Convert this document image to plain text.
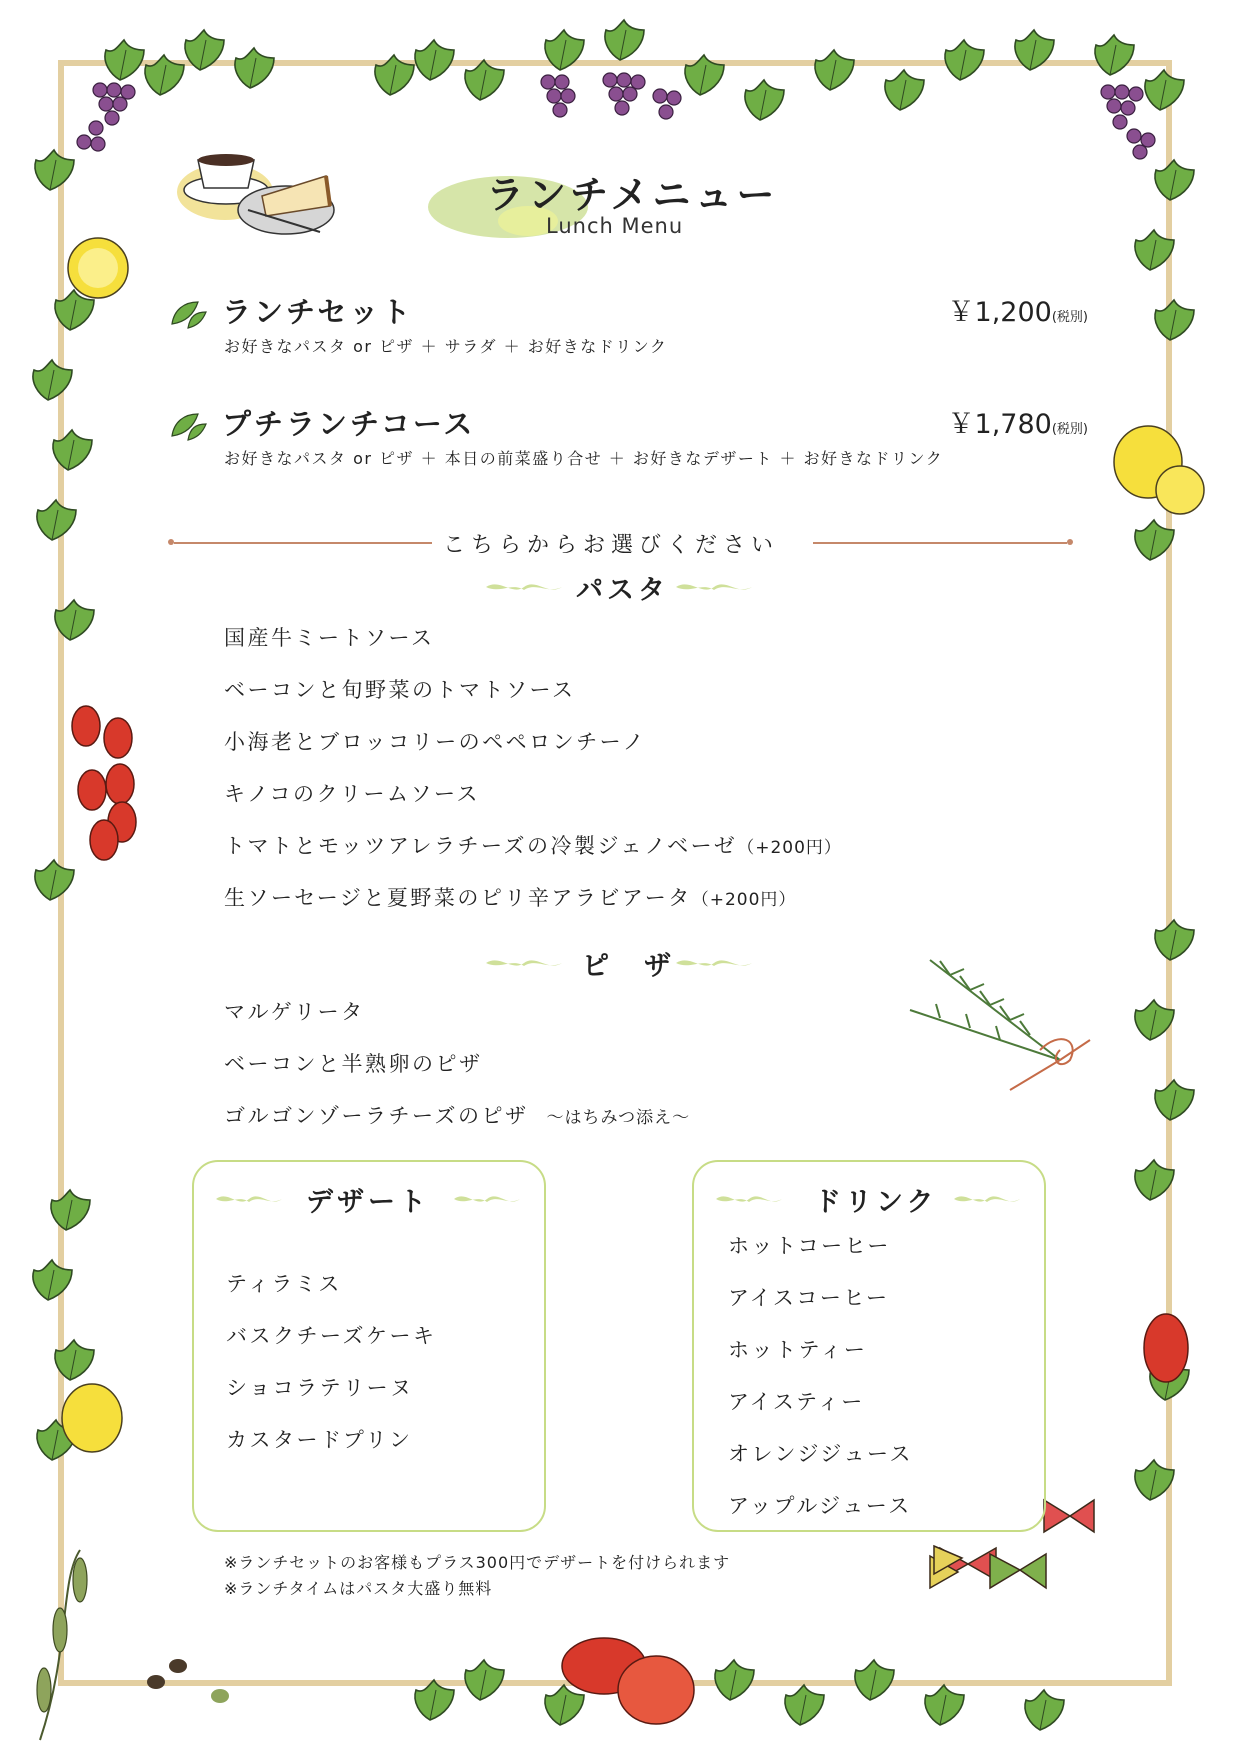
ランチメニュー
Lunch Menu
ランチセット	￥1,200(税別)
お好きなパスタ or ピザ ＋ サラダ ＋ お好きなドリンク
プチランチコース	￥1,780(税別)
お好きなパスタ or ピザ ＋ 本日の前菜盛り合せ ＋ お好きなデザート ＋ お好きなドリンク
こちらからお選びください
パスタ
国産牛ミートソース
ベーコンと旬野菜のトマトソース
小海老とブロッコリーのペペロンチーノ
キノコのクリームソース
トマトとモッツアレラチーズの冷製ジェノベーゼ（+200円）
生ソーセージと夏野菜のピリ辛アラビアータ（+200円）
ピ　ザ
マルゲリータ
ベーコンと半熟卵のピザ
ゴルゴンゾーラチーズのピザ　～はちみつ添え～
デザート
ティラミス
バスクチーズケーキ
ショコラテリーヌ
カスタードプリン
ドリンク
ホットコーヒー
アイスコーヒー
ホットティー
アイスティー
オレンジジュース
アップルジュース
※ランチセットのお客様もプラス300円でデザートを付けられます
※ランチタイムはパスタ大盛り無料
